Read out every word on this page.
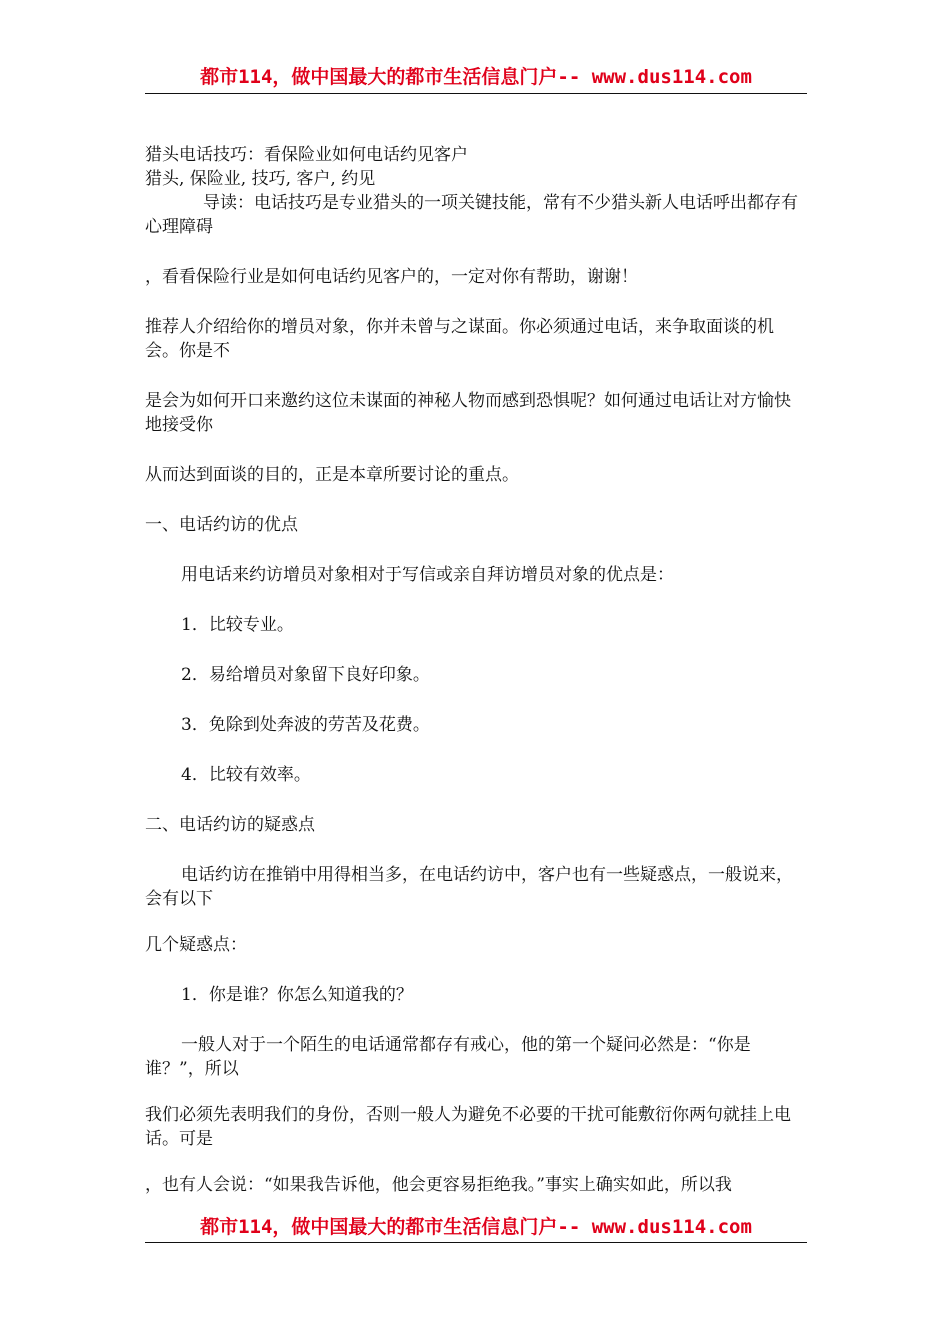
都市114，做中国最大的都市生活信息门户-- www.dus114.com

猎头电话技巧：看保险业如何电话约见客户

猎头, 保险业, 技巧, 客户, 约见

导读：电话技巧是专业猎头的一项关键技能，常有不少猎头新人电话呼出都存有心理障碍

，看看保险行业是如何电话约见客户的，一定对你有帮助，谢谢！

推荐人介绍给你的增员对象，你并未曾与之谋面。你必须通过电话，来争取面谈的机会。你是不

是会为如何开口来邀约这位未谋面的神秘人物而感到恐惧呢？如何通过电话让对方愉快地接受你

从而达到面谈的目的，正是本章所要讨论的重点。

一、电话约访的优点

用电话来约访增员对象相对于写信或亲自拜访增员对象的优点是：

1．比较专业。

2．易给增员对象留下良好印象。

3．免除到处奔波的劳苦及花费。

4．比较有效率。

二、电话约访的疑惑点

电话约访在推销中用得相当多，在电话约访中，客户也有一些疑惑点，一般说来，会有以下

几个疑惑点：

1．你是谁？你怎么知道我的？

一般人对于一个陌生的电话通常都存有戒心，他的第一个疑问必然是：“你是谁？”，所以

我们必须先表明我们的身份，否则一般人为避免不必要的干扰可能敷衍你两句就挂上电话。可是

，也有人会说：“如果我告诉他，他会更容易拒绝我。”事实上确实如此，所以我

都市114，做中国最大的都市生活信息门户-- www.dus114.com
